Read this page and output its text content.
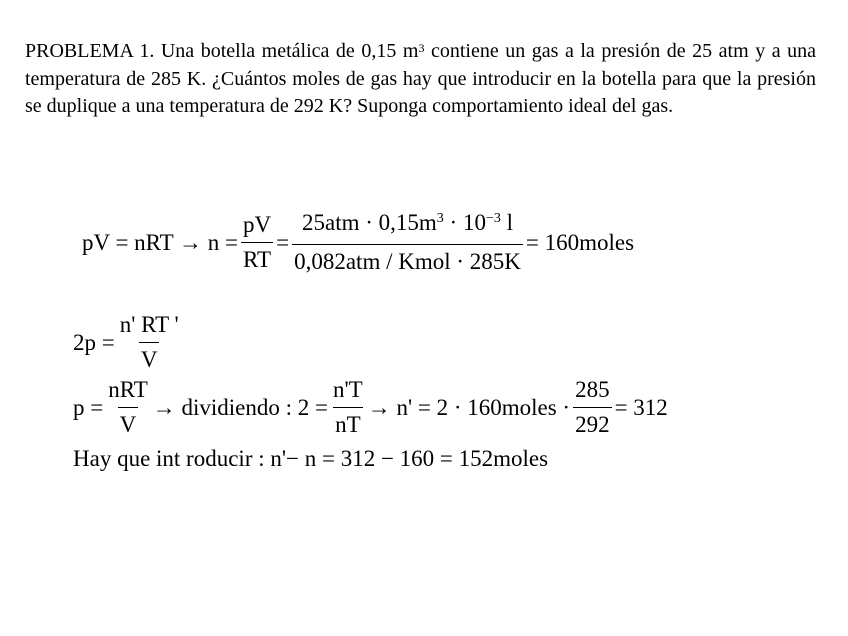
PROBLEMA 1. Una botella metálica de 0,15 $m^3$ contiene un gas a la presión de 25 atm y a una temperatura de 285 K. ¿Cuántos moles de gas hay que introducir en la botella para que la presión se duplique a una temperatura de 292 K? Suponga comportamiento ideal del gas.
pV = nRT → $n = \frac{pV}{RT} = \frac{25atm \cdot 0,15m^3 \cdot 10^{-3} l}{\text{0,082atm / Kmol · 285K}}$ = 160moles
$2p = \frac{n' RT '}{V}$
$p = \frac{\text{nRT}}{V}$ → dividiendo : $2 = \frac{n'T}{nT} \to n' = 2$ · 160moles · $\frac{285}{292} = 312$
Hay que int roducir : n'− n = 312 − 160 = 152moles
